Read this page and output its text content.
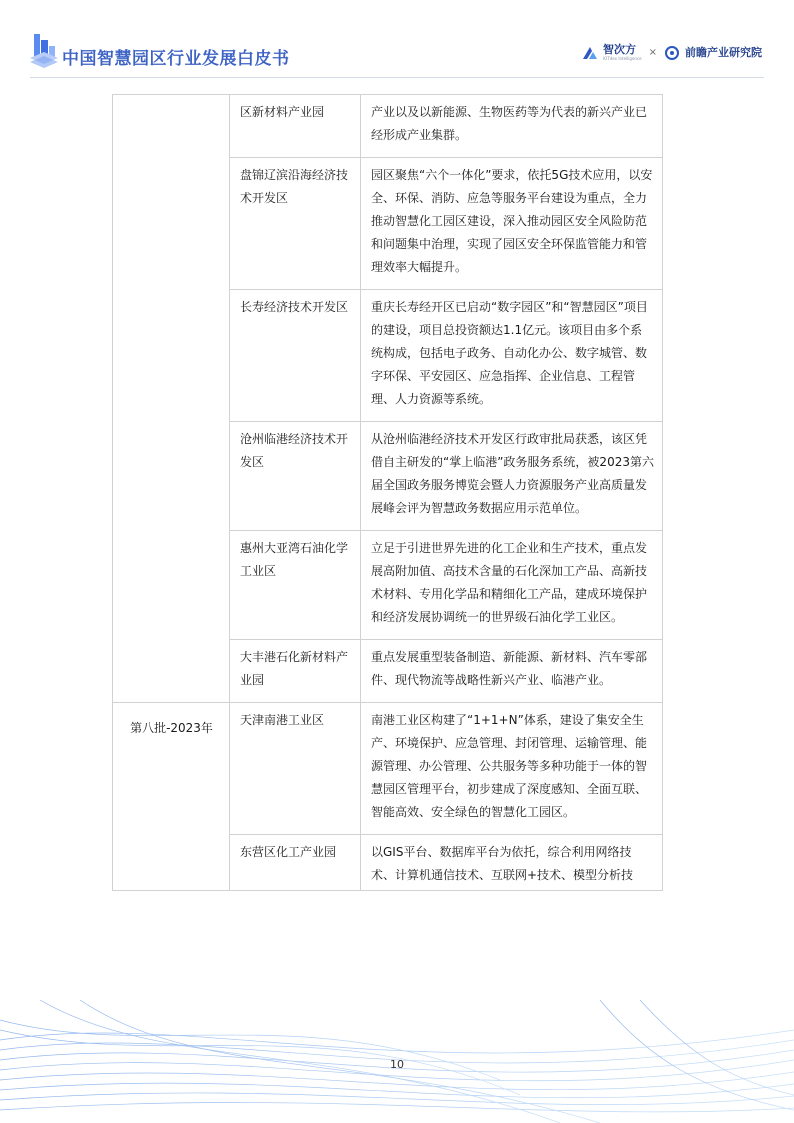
中国智慧园区行业发展白皮书	智次方
IOTdex Intelligence
×	前瞻产业研究院
	区新材料产业园	产业以及以新能源、生物医药等为代表的新兴产业已经形成产业集群。
	盘锦辽滨沿海经济技术开发区	园区聚焦“六个一体化”要求，依托5G技术应用，以安全、环保、消防、应急等服务平台建设为重点，全力推动智慧化工园区建设，深入推动园区安全风险防范和问题集中治理，实现了园区安全环保监管能力和管理效率大幅提升。
	长寿经济技术开发区	重庆长寿经开区已启动“数字园区”和“智慧园区”项目的建设，项目总投资额达1.1亿元。该项目由多个系统构成，包括电子政务、自动化办公、数字城管、数字环保、平安园区、应急指挥、企业信息、工程管理、人力资源等系统。
	沧州临港经济技术开发区	从沧州临港经济技术开发区行政审批局获悉，该区凭借自主研发的“掌上临港”政务服务系统，被2023第六届全国政务服务博览会暨人力资源服务产业高质量发展峰会评为智慧政务数据应用示范单位。
	惠州大亚湾石油化学工业区	立足于引进世界先进的化工企业和生产技术，重点发展高附加值、高技术含量的石化深加工产品、高新技术材料、专用化学品和精细化工产品，建成环境保护和经济发展协调统一的世界级石油化学工业区。
	大丰港石化新材料产业园	重点发展重型装备制造、新能源、新材料、汽车零部件、现代物流等战略性新兴产业、临港产业。
第八批-2023年	天津南港工业区	南港工业区构建了“1+1+N”体系，建设了集安全生产、环境保护、应急管理、封闭管理、运输管理、能源管理、办公管理、公共服务等多种功能于一体的智慧园区管理平台，初步建成了深度感知、全面互联、智能高效、安全绿色的智慧化工园区。
	东营区化工产业园	以GIS平台、数据库平台为依托，综合利用网络技术、计算机通信技术、互联网+技术、模型分析技
10
